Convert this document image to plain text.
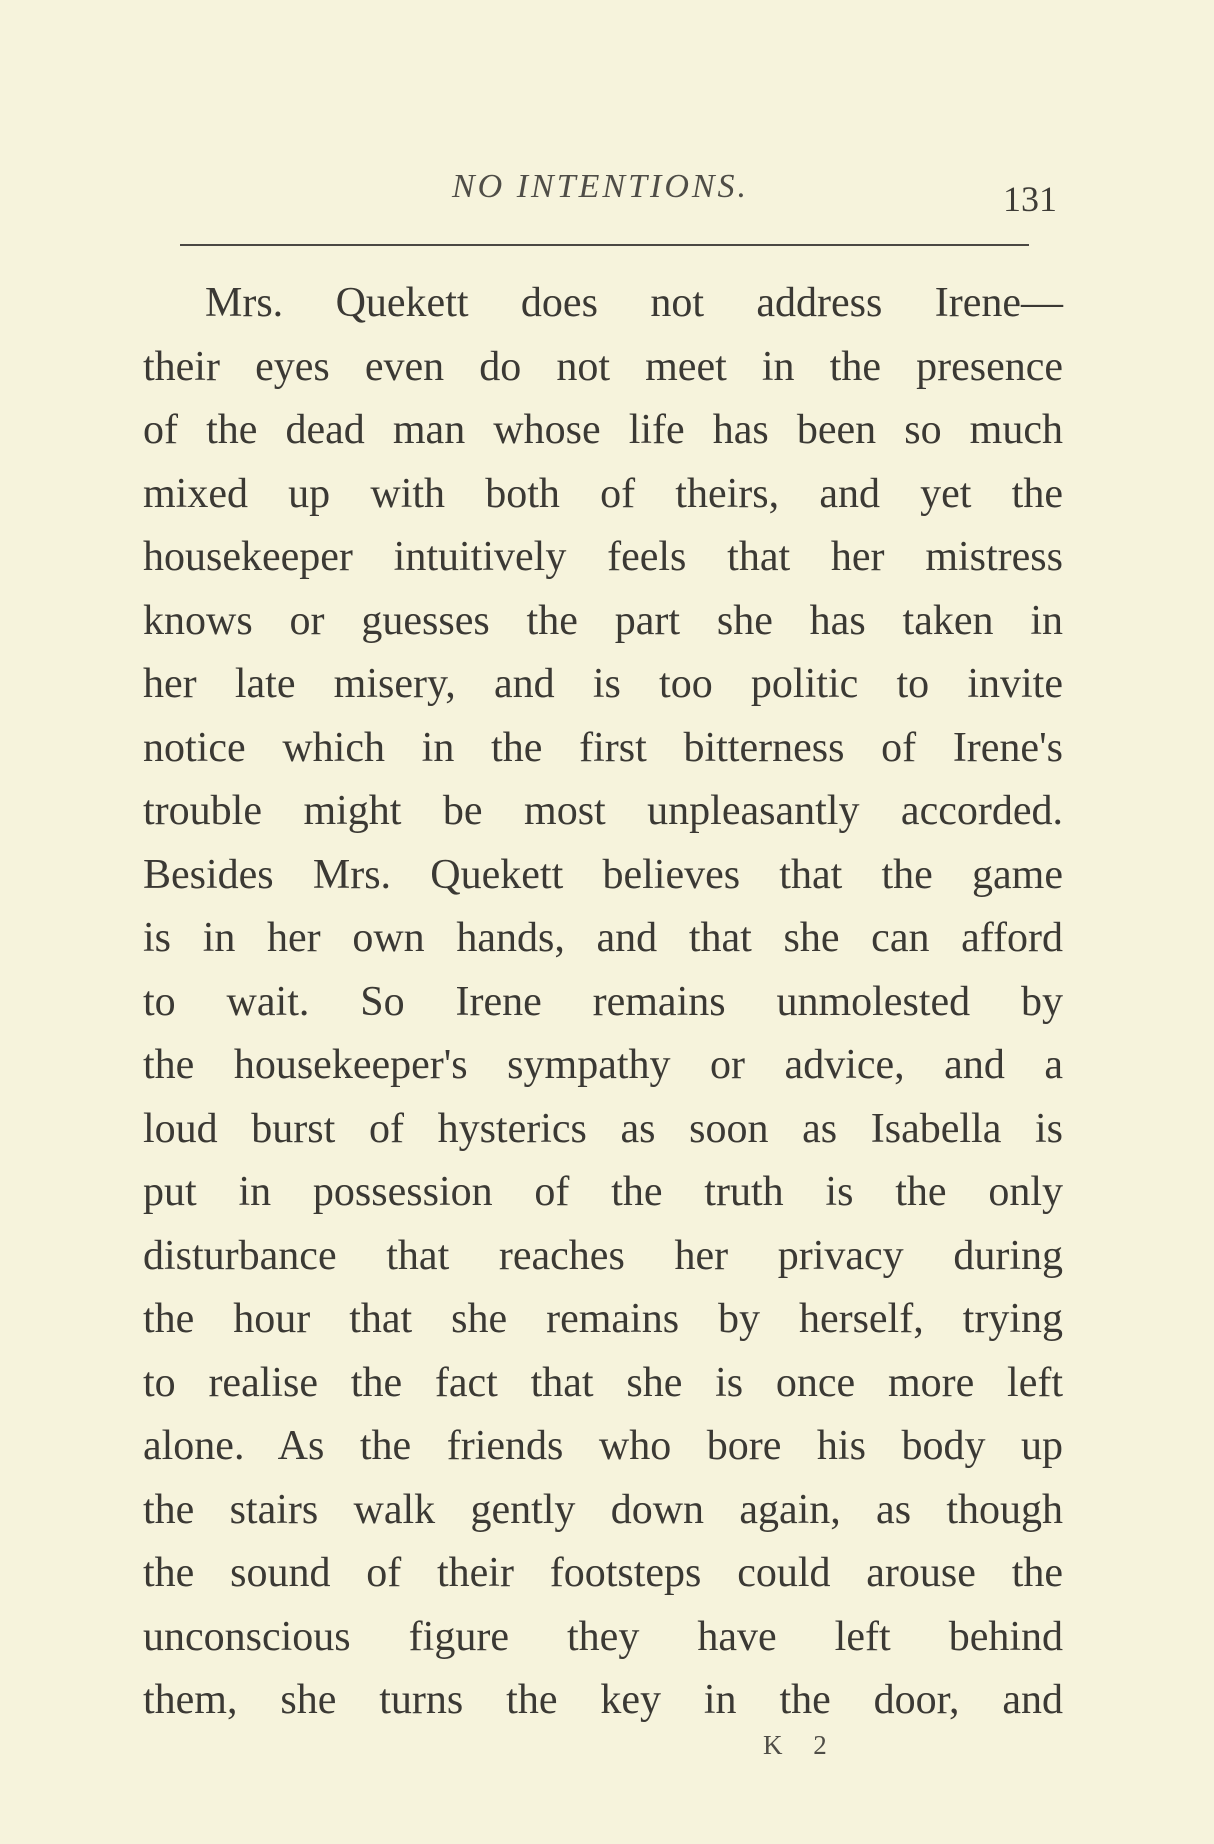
NO INTENTIONS.	131
Mrs. Quekett does not address Irene—
their eyes even do not meet in the presence
of the dead man whose life has been so much
mixed up with both of theirs, and yet the
housekeeper intuitively feels that her mistress
knows or guesses the part she has taken in
her late misery, and is too politic to invite
notice which in the first bitterness of Irene's
trouble might be most unpleasantly accorded.
Besides Mrs. Quekett believes that the game
is in her own hands, and that she can afford
to wait. So Irene remains unmolested by
the housekeeper's sympathy or advice, and a
loud burst of hysterics as soon as Isabella is
put in possession of the truth is the only
disturbance that reaches her privacy during
the hour that she remains by herself, trying
to realise the fact that she is once more left
alone. As the friends who bore his body up
the stairs walk gently down again, as though
the sound of their footsteps could arouse the
unconscious figure they have left behind
them, she turns the key in the door, and
K 2
